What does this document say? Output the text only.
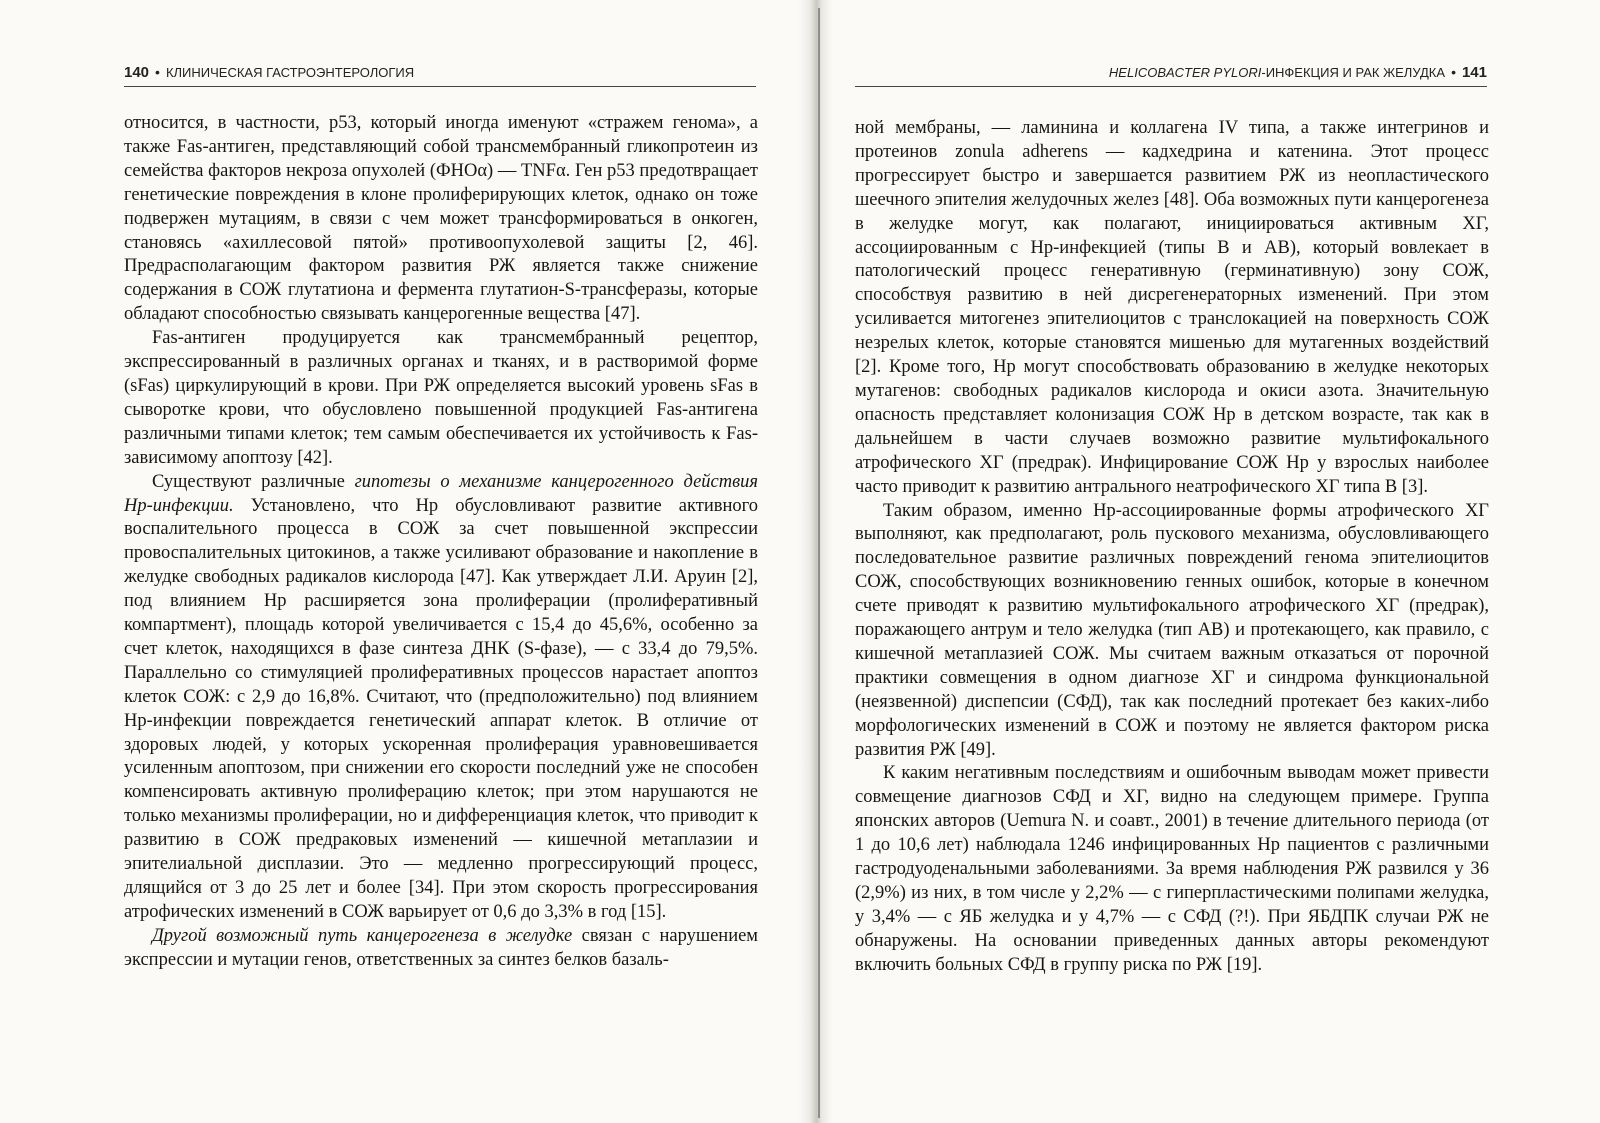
140 • КЛИНИЧЕСКАЯ ГАСТРОЭНТЕРОЛОГИЯ

относится, в частности, p53, который иногда именуют «стражем генома», а также Fas-антиген, представляющий собой трансмембранный гликопротеин из семейства факторов некроза опухолей (ФНОα) — TNFα. Ген p53 предотвращает генетические повреждения в клоне пролиферирующих клеток, однако он тоже подвержен мутациям, в связи с чем может трансформироваться в онкоген, становясь «ахиллесовой пятой» противоопухолевой защиты [2, 46]. Предрасполагающим фактором развития РЖ является также снижение содержания в СОЖ глутатиона и фермента глутатион-S-трансферазы, которые обладают способностью связывать канцерогенные вещества [47].

Fas-антиген продуцируется как трансмембранный рецептор, экспрессированный в различных органах и тканях, и в растворимой форме (sFas) циркулирующий в крови. При РЖ определяется высокий уровень sFas в сыворотке крови, что обусловлено повышенной продукцией Fas-антигена различными типами клеток; тем самым обеспечивается их устойчивость к Fas-зависимому апоптозу [42].

Существуют различные гипотезы о механизме канцерогенного действия Нр-инфекции. Установлено, что Нр обусловливают развитие активного воспалительного процесса в СОЖ за счет повышенной экспрессии провоспалительных цитокинов, а также усиливают образование и накопление в желудке свободных радикалов кислорода [47]. Как утверждает Л.И. Аруин [2], под влиянием Нр расширяется зона пролиферации (пролиферативный компартмент), площадь которой увеличивается с 15,4 до 45,6%, особенно за счет клеток, находящихся в фазе синтеза ДНК (S-фазе), — с 33,4 до 79,5%. Параллельно со стимуляцией пролиферативных процессов нарастает апоптоз клеток СОЖ: с 2,9 до 16,8%. Считают, что (предположительно) под влиянием Нр-инфекции повреждается генетический аппарат клеток. В отличие от здоровых людей, у которых ускоренная пролиферация уравновешивается усиленным апоптозом, при снижении его скорости последний уже не способен компенсировать активную пролиферацию клеток; при этом нарушаются не только механизмы пролиферации, но и дифференциация клеток, что приводит к развитию в СОЖ предраковых изменений — кишечной метаплазии и эпителиальной дисплазии. Это — медленно прогрессирующий процесс, длящийся от 3 до 25 лет и более [34]. При этом скорость прогрессирования атрофических изменений в СОЖ варьирует от 0,6 до 3,3% в год [15].

Другой возможный путь канцерогенеза в желудке связан с нарушением экспрессии и мутации генов, ответственных за синтез белков базаль-

HELICOBACTER PYLORI-ИНФЕКЦИЯ И РАК ЖЕЛУДКА • 141

ной мембраны, — ламинина и коллагена IV типа, а также интегринов и протеинов zonula adherens — кадхедрина и катенина. Этот процесс прогрессирует быстро и завершается развитием РЖ из неопластического шеечного эпителия желудочных желез [48]. Оба возможных пути канцерогенеза в желудке могут, как полагают, инициироваться активным ХГ, ассоциированным с Нр-инфекцией (типы В и АВ), который вовлекает в патологический процесс генеративную (герминативную) зону СОЖ, способствуя развитию в ней дисрегенераторных изменений. При этом усиливается митогенез эпителиоцитов с транслокацией на поверхность СОЖ незрелых клеток, которые становятся мишенью для мутагенных воздействий [2]. Кроме того, Нр могут способствовать образованию в желудке некоторых мутагенов: свободных радикалов кислорода и окиси азота. Значительную опасность представляет колонизация СОЖ Нр в детском возрасте, так как в дальнейшем в части случаев возможно развитие мультифокального атрофического ХГ (предрак). Инфицирование СОЖ Нр у взрослых наиболее часто приводит к развитию антрального неатрофического ХГ типа В [3].

Таким образом, именно Нр-ассоциированные формы атрофического ХГ выполняют, как предполагают, роль пускового механизма, обусловливающего последовательное развитие различных повреждений генома эпителиоцитов СОЖ, способствующих возникновению генных ошибок, которые в конечном счете приводят к развитию мультифокального атрофического ХГ (предрак), поражающего антрум и тело желудка (тип АВ) и протекающего, как правило, с кишечной метаплазией СОЖ. Мы считаем важным отказаться от порочной практики совмещения в одном диагнозе ХГ и синдрома функциональной (неязвенной) диспепсии (СФД), так как последний протекает без каких-либо морфологических изменений в СОЖ и поэтому не является фактором риска развития РЖ [49].

К каким негативным последствиям и ошибочным выводам может привести совмещение диагнозов СФД и ХГ, видно на следующем примере. Группа японских авторов (Uemura N. и соавт., 2001) в течение длительного периода (от 1 до 10,6 лет) наблюдала 1246 инфицированных Нр пациентов с различными гастродуоденальными заболеваниями. За время наблюдения РЖ развился у 36 (2,9%) из них, в том числе у 2,2% — с гиперпластическими полипами желудка, у 3,4% — с ЯБ желудка и у 4,7% — с СФД (?!). При ЯБДПК случаи РЖ не обнаружены. На основании приведенных данных авторы рекомендуют включить больных СФД в группу риска по РЖ [19].
